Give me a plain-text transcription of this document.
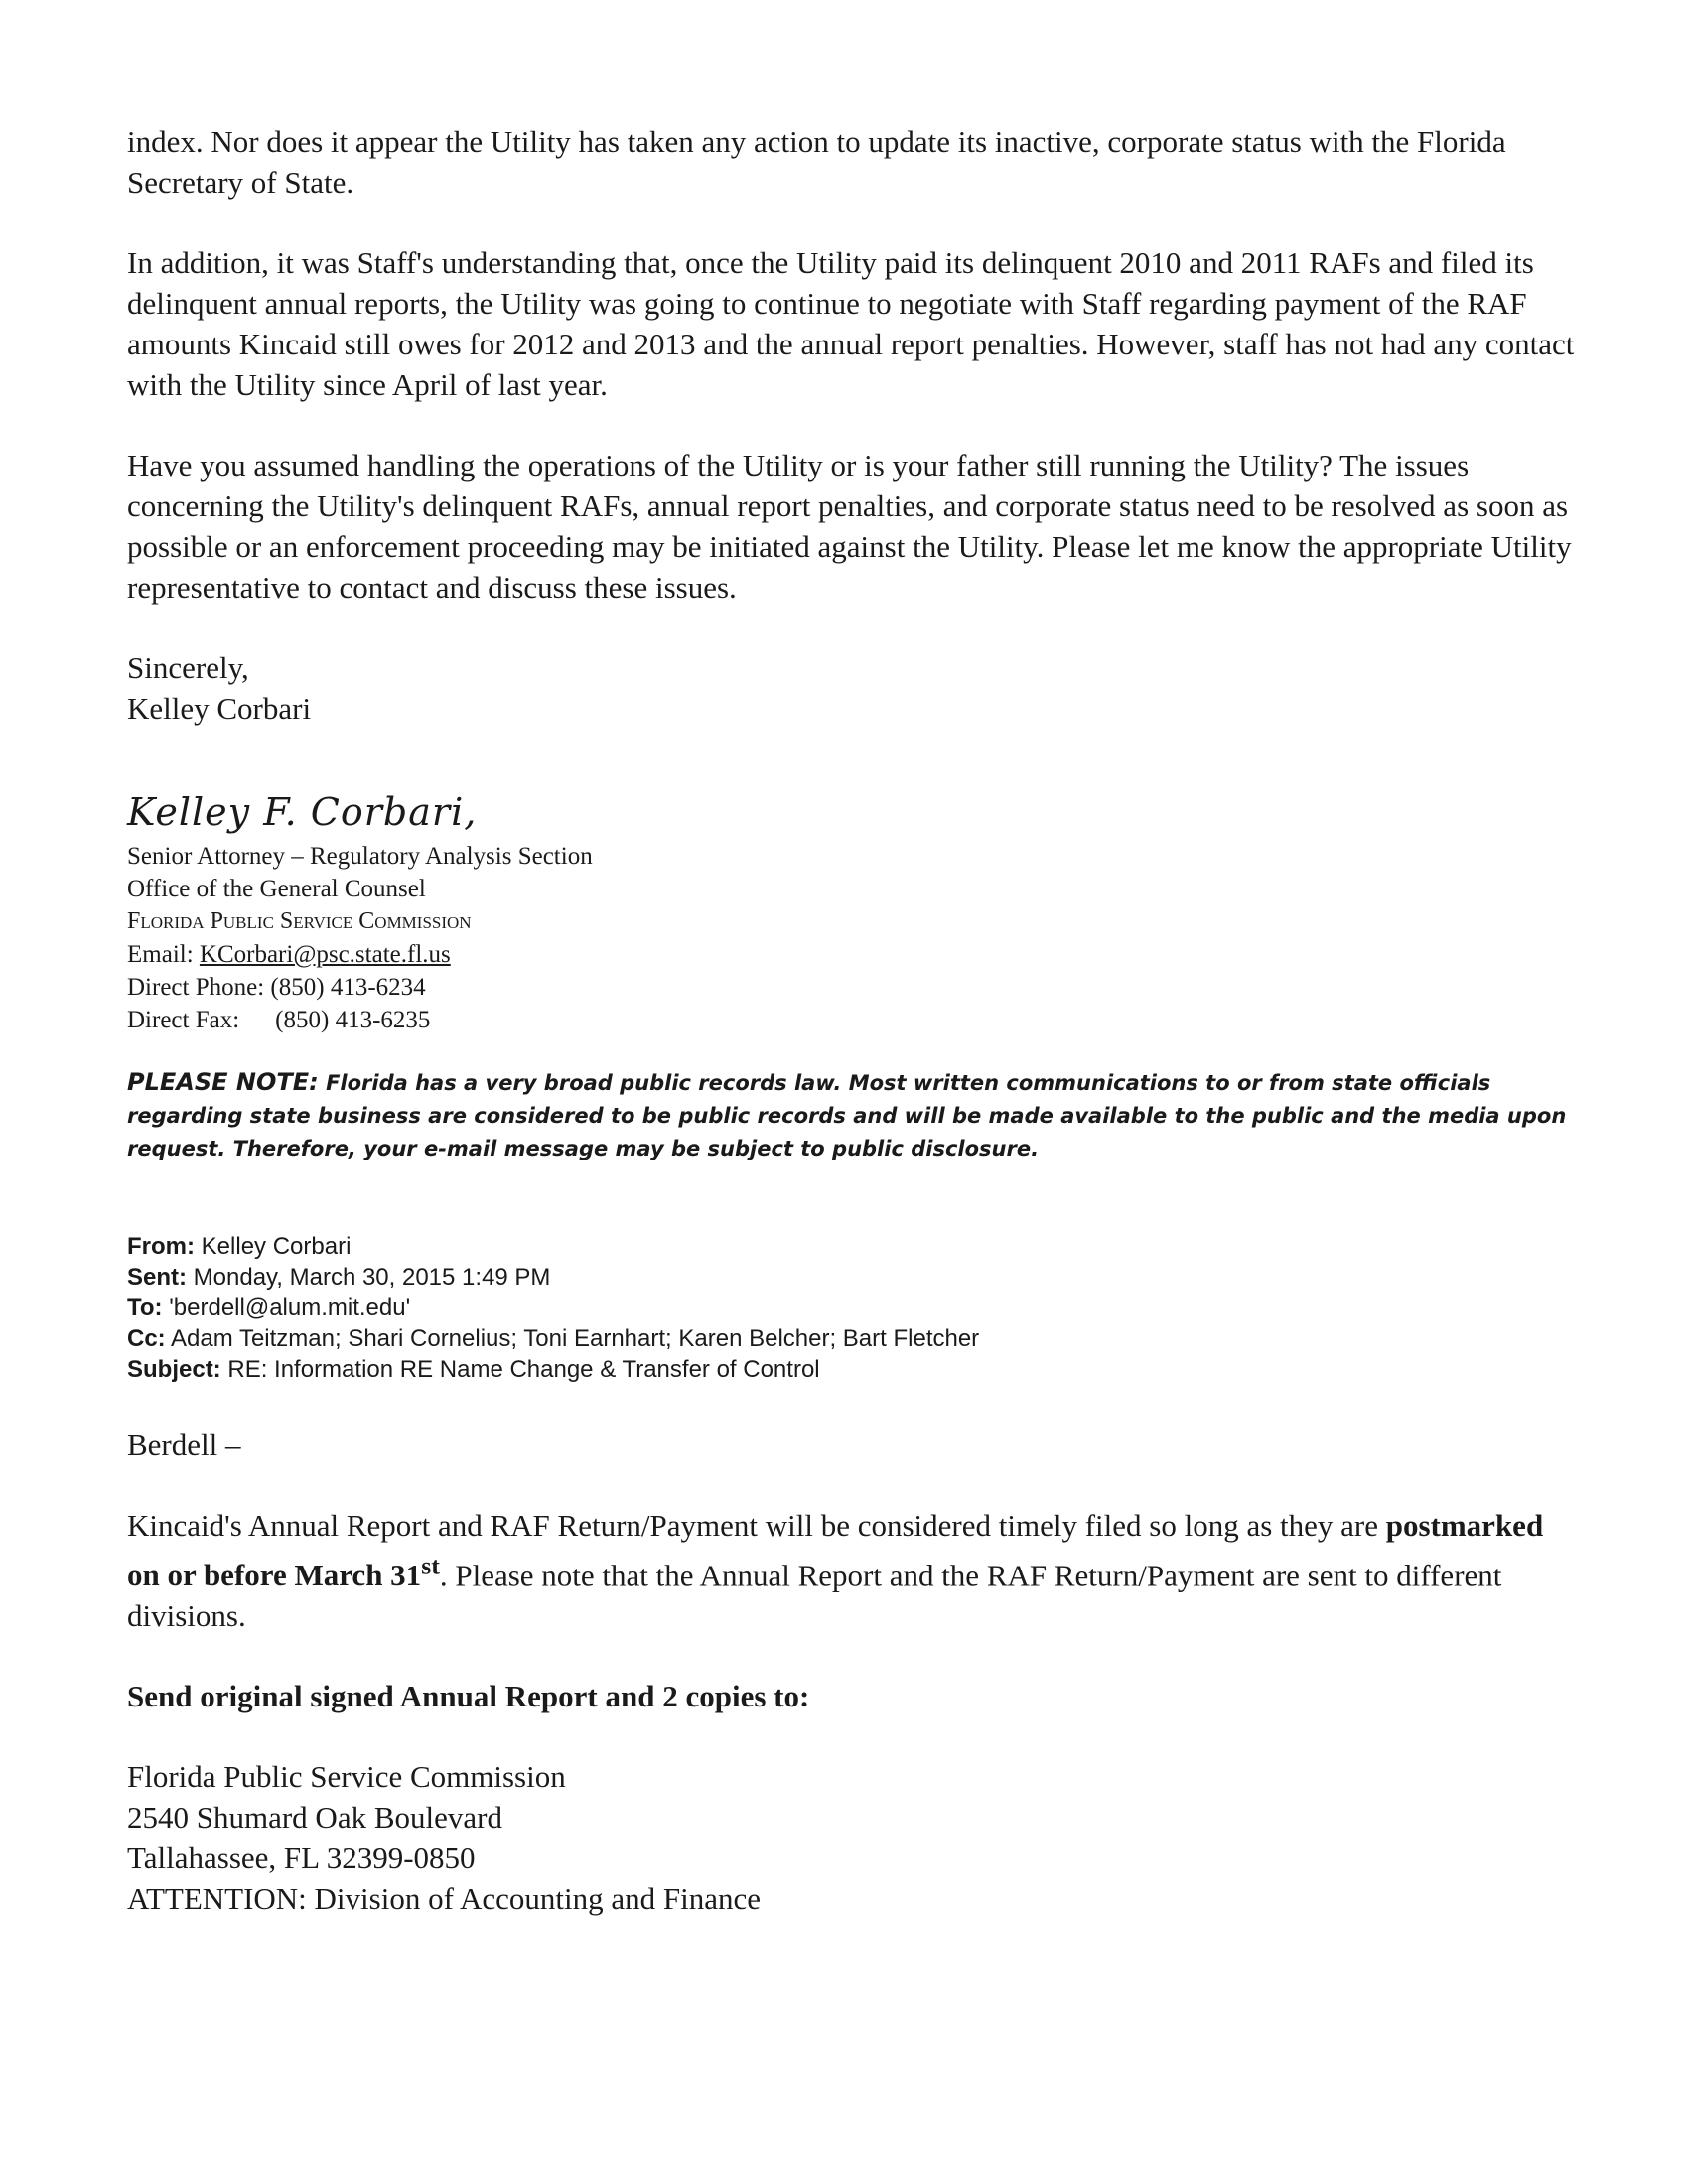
index. Nor does it appear the Utility has taken any action to update its inactive, corporate status with the Florida Secretary of State.

In addition, it was Staff's understanding that, once the Utility paid its delinquent 2010 and 2011 RAFs and filed its delinquent annual reports, the Utility was going to continue to negotiate with Staff regarding payment of the RAF amounts Kincaid still owes for 2012 and 2013 and the annual report penalties. However, staff has not had any contact with the Utility since April of last year.

Have you assumed handling the operations of the Utility or is your father still running the Utility? The issues concerning the Utility's delinquent RAFs, annual report penalties, and corporate status need to be resolved as soon as possible or an enforcement proceeding may be initiated against the Utility. Please let me know the appropriate Utility representative to contact and discuss these issues.

Sincerely,

Kelley Corbari

Kelley F. Corbari,

Senior Attorney – Regulatory Analysis Section

Office of the General Counsel

Florida Public Service Commission

Email: KCorbari@psc.state.fl.us

Direct Phone: (850) 413-6234

Direct Fax: (850) 413-6235

PLEASE NOTE: Florida has a very broad public records law. Most written communications to or from state officials regarding state business are considered to be public records and will be made available to the public and the media upon request. Therefore, your e-mail message may be subject to public disclosure.

From: Kelley Corbari
Sent: Monday, March 30, 2015 1:49 PM
To: 'berdell@alum.mit.edu'
Cc: Adam Teitzman; Shari Cornelius; Toni Earnhart; Karen Belcher; Bart Fletcher
Subject: RE: Information RE Name Change & Transfer of Control

Berdell –

Kincaid's Annual Report and RAF Return/Payment will be considered timely filed so long as they are postmarked on or before March 31st. Please note that the Annual Report and the RAF Return/Payment are sent to different divisions.

Send original signed Annual Report and 2 copies to:

Florida Public Service Commission

2540 Shumard Oak Boulevard

Tallahassee, FL 32399-0850

ATTENTION: Division of Accounting and Finance
